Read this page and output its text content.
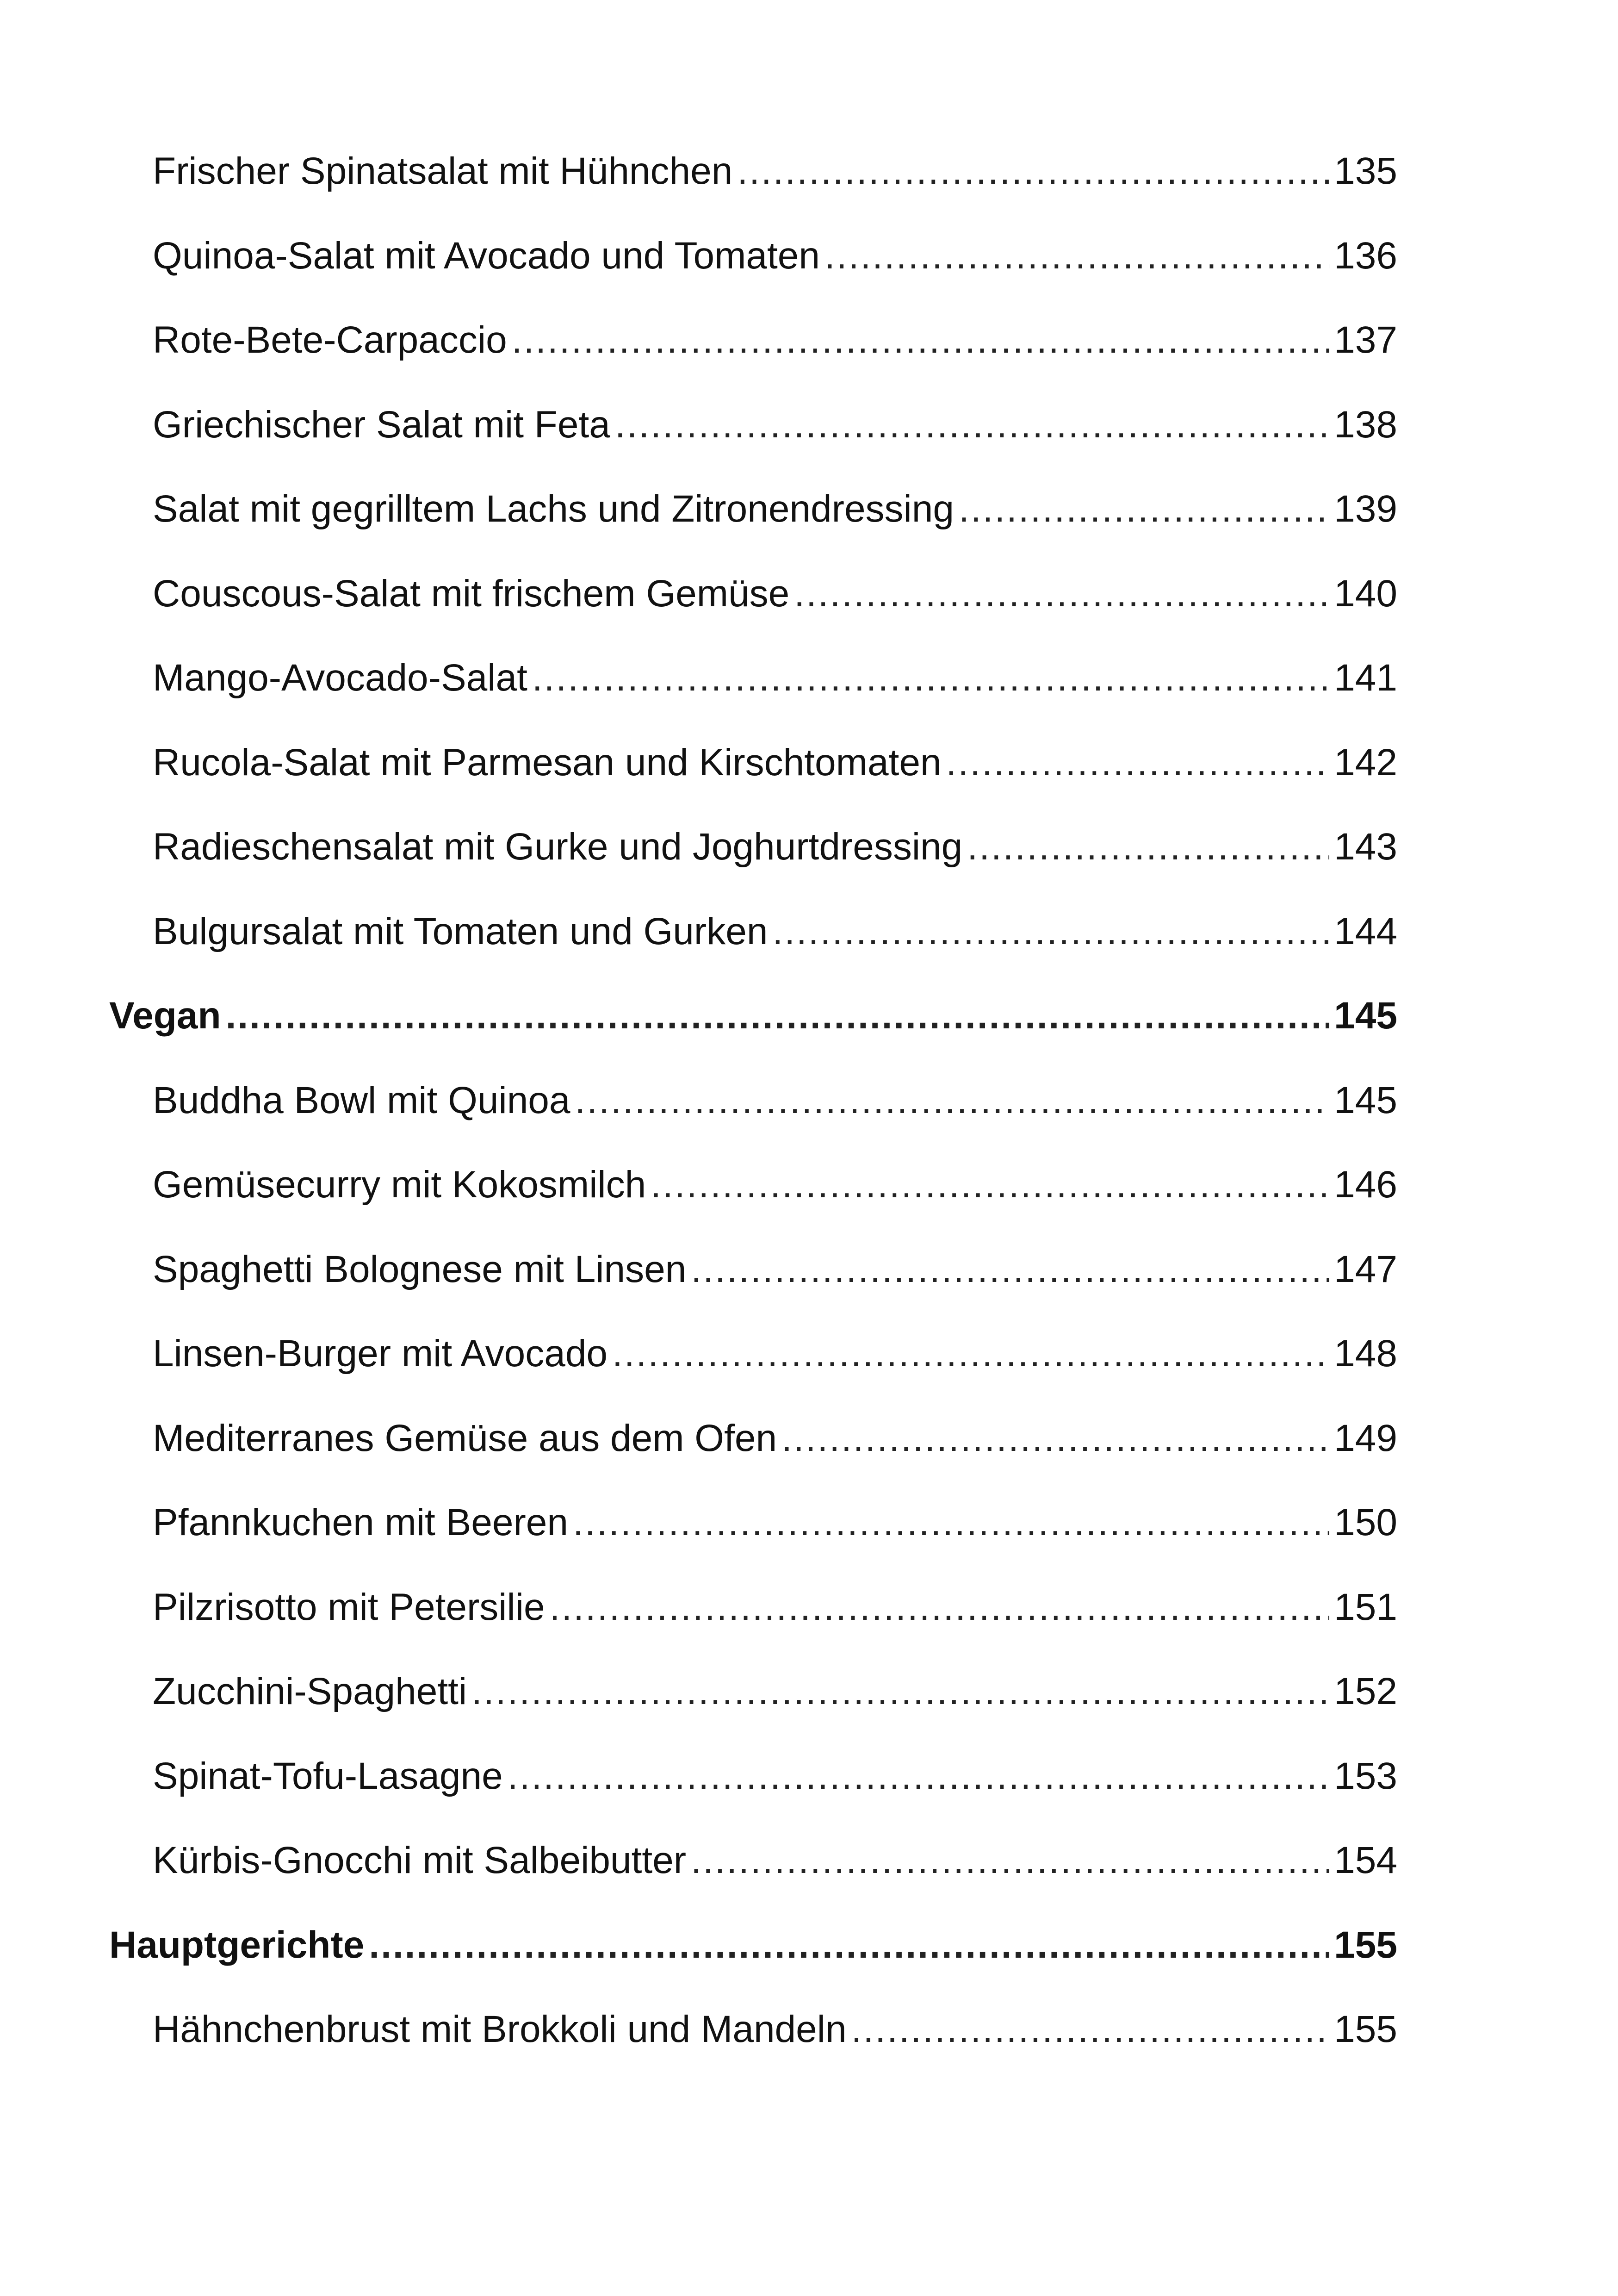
Frischer Spinatsalat mit Hühnchen .....	135
Quinoa-Salat mit Avocado und Tomaten .....	136
Rote-Bete-Carpaccio .....	137
Griechischer Salat mit Feta .....	138
Salat mit gegrilltem Lachs und Zitronendressing .....	139
Couscous-Salat mit frischem Gemüse .....	140
Mango-Avocado-Salat .....	141
Rucola-Salat mit Parmesan und Kirschtomaten .....	142
Radieschensalat mit Gurke und Joghurtdressing .....	143
Bulgursalat mit Tomaten und Gurken .....	144
Vegan .....	145
Buddha Bowl mit Quinoa .....	145
Gemüsecurry mit Kokosmilch .....	146
Spaghetti Bolognese mit Linsen .....	147
Linsen-Burger mit Avocado .....	148
Mediterranes Gemüse aus dem Ofen .....	149
Pfannkuchen mit Beeren .....	150
Pilzrisotto mit Petersilie .....	151
Zucchini-Spaghetti .....	152
Spinat-Tofu-Lasagne .....	153
Kürbis-Gnocchi mit Salbeibutter .....	154
Hauptgerichte .....	155
Hähnchenbrust mit Brokkoli und Mandeln .....	155
